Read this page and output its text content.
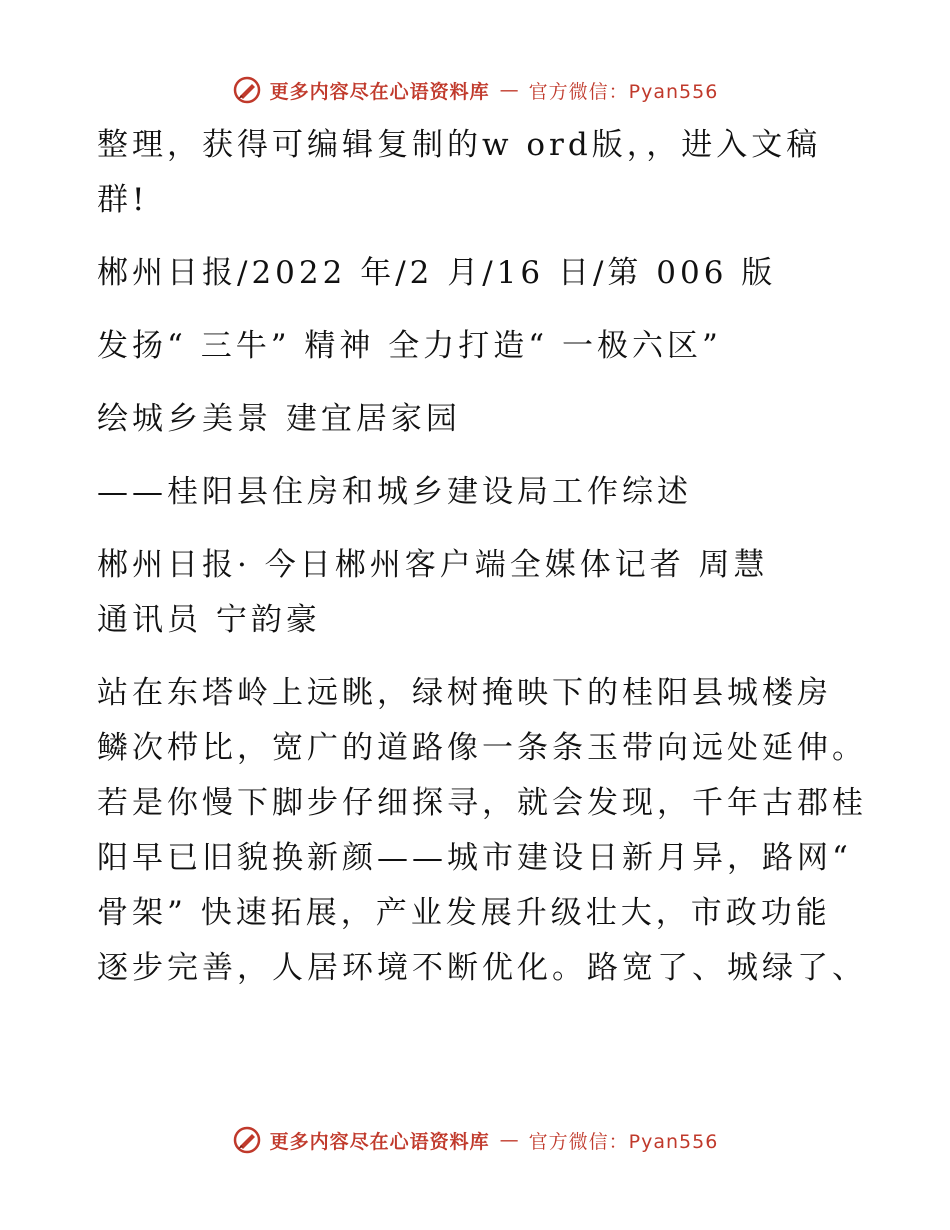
更多内容尽在心语资料库 — 官方微信：Pyan556
整理，获得可编辑复制的w ord版，，进入文稿
群!
郴州日报/2022 年/2 月/16 日/第 006 版
发扬“ 三牛” 精神 全力打造“ 一极六区”
绘城乡美景 建宜居家园
——桂阳县住房和城乡建设局工作综述
郴州日报· 今日郴州客户端全媒体记者 周慧
通讯员 宁韵豪
站在东塔岭上远眺，绿树掩映下的桂阳县城楼房
鳞次栉比，宽广的道路像一条条玉带向远处延伸。
若是你慢下脚步仔细探寻，就会发现，千年古郡桂
阳早已旧貌换新颜——城市建设日新月异，路网“
骨架” 快速拓展，产业发展升级壮大，市政功能
逐步完善，人居环境不断优化。路宽了、城绿了、
更多内容尽在心语资料库 — 官方微信：Pyan556
